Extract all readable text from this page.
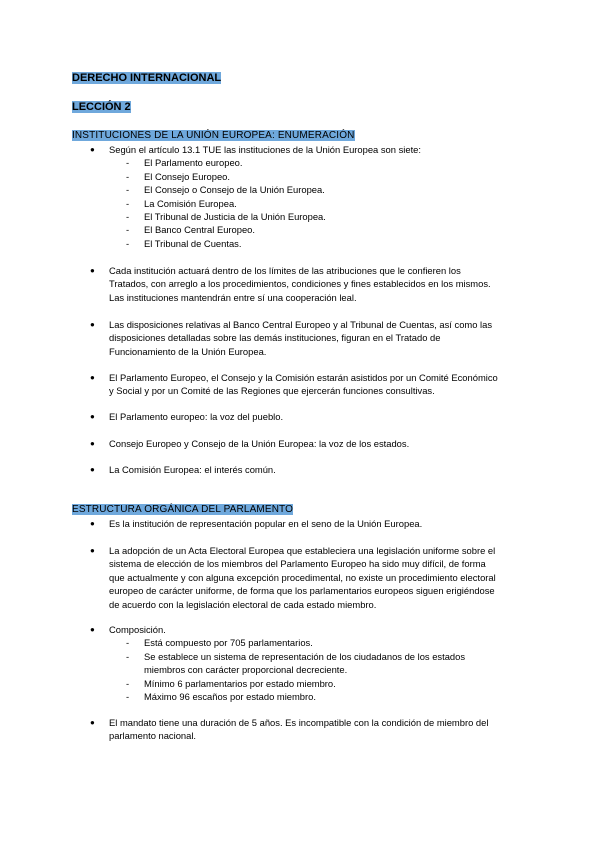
DERECHO INTERNACIONAL
LECCIÓN 2
INSTITUCIONES DE LA UNIÓN EUROPEA: ENUMERACIÓN
● Según el artículo 13.1 TUE las instituciones de la Unión Europea son siete:
- El Parlamento europeo.
- El Consejo Europeo.
- El Consejo o Consejo de la Unión Europea.
- La Comisión Europea.
- El Tribunal de Justicia de la Unión Europea.
- El Banco Central Europeo.
- El Tribunal de Cuentas.
● Cada institución actuará dentro de los límites de las atribuciones que le confieren los
Tratados, con arreglo a los procedimientos, condiciones y fines establecidos en los mismos.
Las instituciones mantendrán entre sí una cooperación leal.
● Las disposiciones relativas al Banco Central Europeo y al Tribunal de Cuentas, así como las
disposiciones detalladas sobre las demás instituciones, figuran en el Tratado de
Funcionamiento de la Unión Europea.
● El Parlamento Europeo, el Consejo y la Comisión estarán asistidos por un Comité Económico
y Social y por un Comité de las Regiones que ejercerán funciones consultivas.
● El Parlamento europeo: la voz del pueblo.
● Consejo Europeo y Consejo de la Unión Europea: la voz de los estados.
● La Comisión Europea: el interés común.
ESTRUCTURA ORGÁNICA DEL PARLAMENTO
● Es la institución de representación popular en el seno de la Unión Europea.
● La adopción de un Acta Electoral Europea que estableciera una legislación uniforme sobre el
sistema de elección de los miembros del Parlamento Europeo ha sido muy difícil, de forma
que actualmente y con alguna excepción procedimental, no existe un procedimiento electoral
europeo de carácter uniforme, de forma que los parlamentarios europeos siguen erigiéndose
de acuerdo con la legislación electoral de cada estado miembro.
● Composición.
- Está compuesto por 705 parlamentarios.
- Se establece un sistema de representación de los ciudadanos de los estados
miembros con carácter proporcional decreciente.
- Mínimo 6 parlamentarios por estado miembro.
- Máximo 96 escaños por estado miembro.
● El mandato tiene una duración de 5 años. Es incompatible con la condición de miembro del
parlamento nacional.
